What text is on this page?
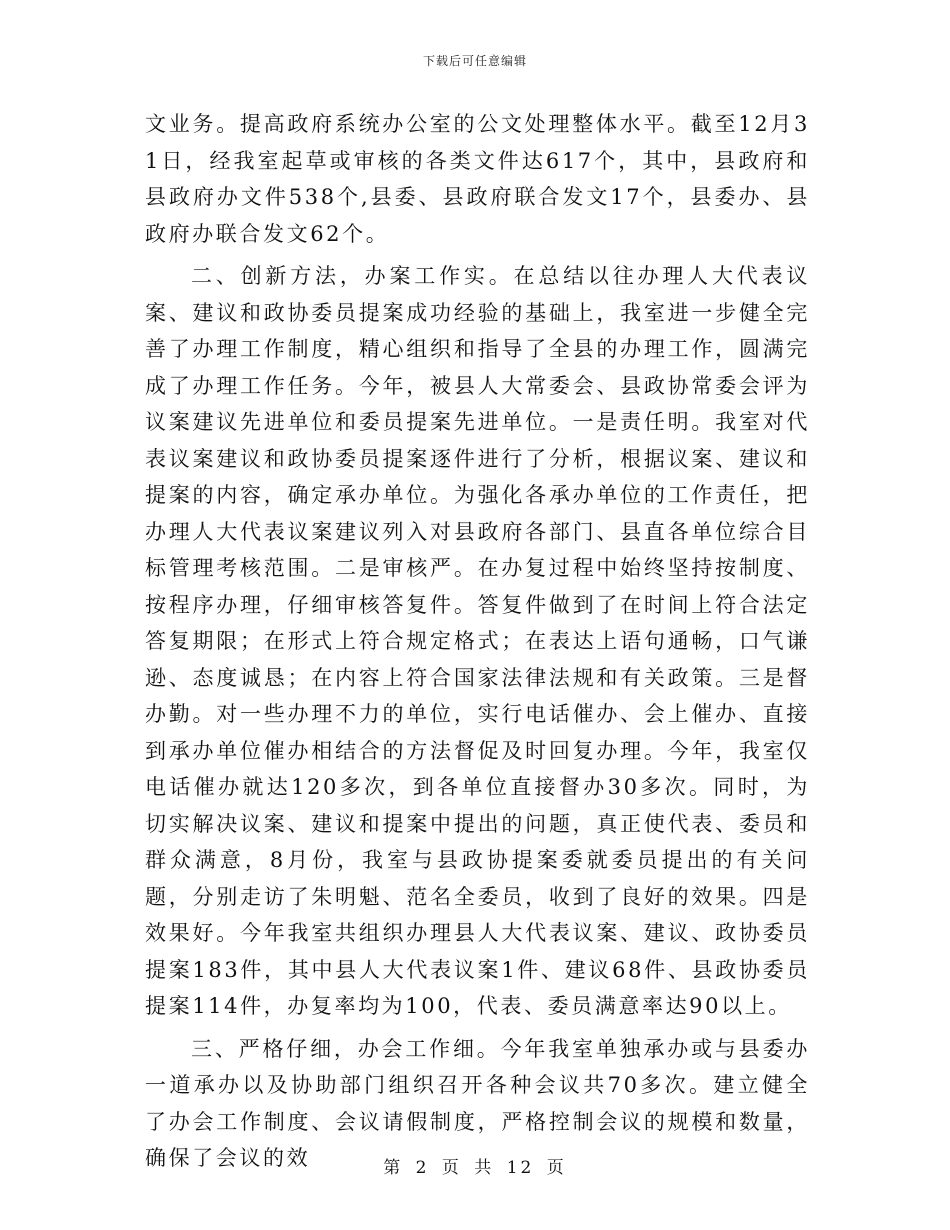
下载后可任意编辑

文业务。提高政府系统办公室的公文处理整体水平。截至12月31日，经我室起草或审核的各类文件达617个，其中，县政府和县政府办文件538个,县委、县政府联合发文17个，县委办、县政府办联合发文62个。

二、创新方法，办案工作实。在总结以往办理人大代表议案、建议和政协委员提案成功经验的基础上，我室进一步健全完善了办理工作制度，精心组织和指导了全县的办理工作，圆满完成了办理工作任务。今年，被县人大常委会、县政协常委会评为议案建议先进单位和委员提案先进单位。一是责任明。我室对代表议案建议和政协委员提案逐件进行了分析，根据议案、建议和提案的内容，确定承办单位。为强化各承办单位的工作责任，把办理人大代表议案建议列入对县政府各部门、县直各单位综合目标管理考核范围。二是审核严。在办复过程中始终坚持按制度、按程序办理，仔细审核答复件。答复件做到了在时间上符合法定答复期限；在形式上符合规定格式；在表达上语句通畅，口气谦逊、态度诚恳；在内容上符合国家法律法规和有关政策。三是督办勤。对一些办理不力的单位，实行电话催办、会上催办、直接到承办单位催办相结合的方法督促及时回复办理。今年，我室仅电话催办就达120多次，到各单位直接督办30多次。同时，为切实解决议案、建议和提案中提出的问题，真正使代表、委员和群众满意，8月份，我室与县政协提案委就委员提出的有关问题，分别走访了朱明魁、范名全委员，收到了良好的效果。四是效果好。今年我室共组织办理县人大代表议案、建议、政协委员提案183件，其中县人大代表议案1件、建议68件、县政协委员提案114件，办复率均为100，代表、委员满意率达90以上。

三、严格仔细，办会工作细。今年我室单独承办或与县委办一道承办以及协助部门组织召开各种会议共70多次。建立健全了办会工作制度、会议请假制度，严格控制会议的规模和数量，确保了会议的效	第 2 页 共 12 页
